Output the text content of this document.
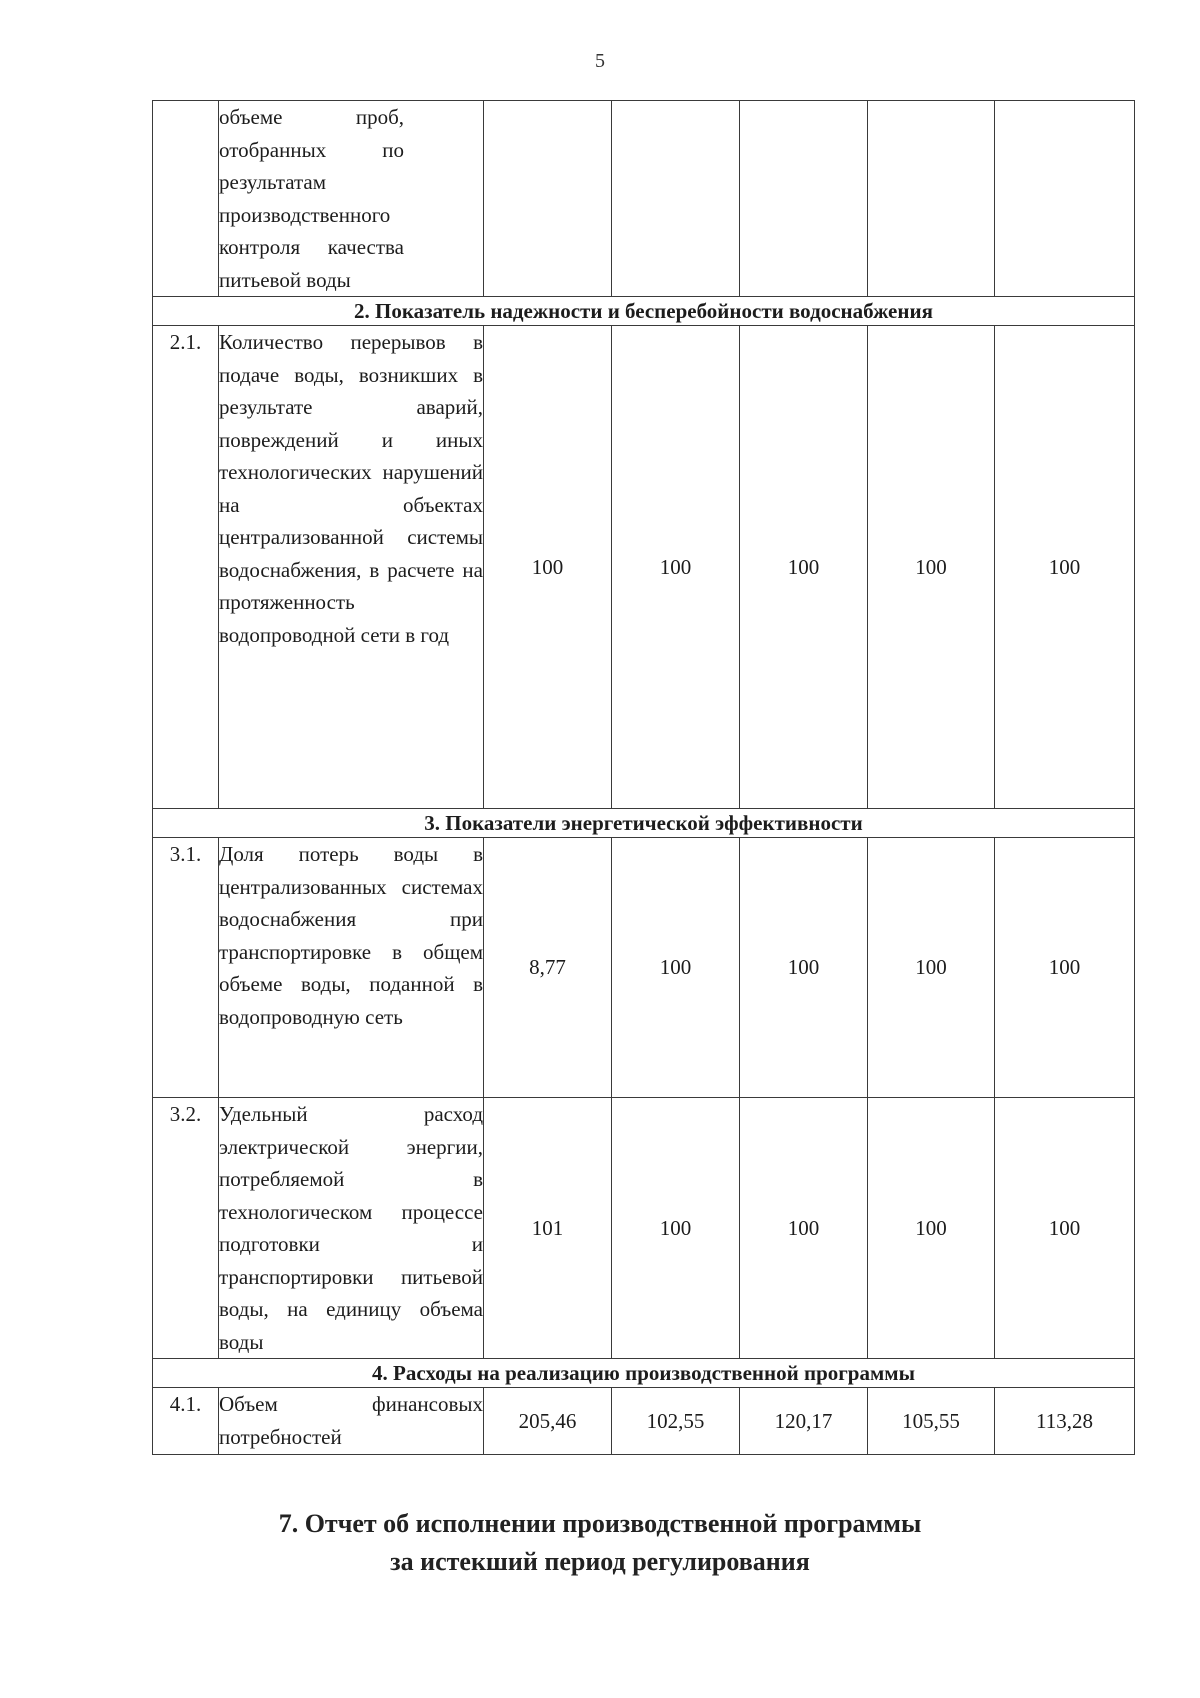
5

	объеме проб, отобранных по результатам производственного контроля качества питьевой воды					

2. Показатель надежности и бесперебойности водоснабжения						
2.1.	Количество перерывов в подаче воды, возникших в результате аварий, повреждений и иных технологических нарушений на объектах централизованной системы водоснабжения, в расчете на протяженность водопроводной сети в год	100	100	100	100	100
3. Показатели энергетической эффективности						
3.1.	Доля потерь воды в централизованных системах водоснабжения при транспортировке в общем объеме воды, поданной в водопроводную сеть	8,77	100	100	100	100
3.2.	Удельный расход электрической энергии, потребляемой в технологическом процессе подготовки и транспортировки питьевой воды, на единицу объема воды	101	100	100	100	100
4. Расходы на реализацию производственной программы						
4.1.	Объем финансовых потребностей	205,46	102,55	120,17	105,55	113,28
7. Отчет об исполнении производственной программы
за истекший период регулирования
